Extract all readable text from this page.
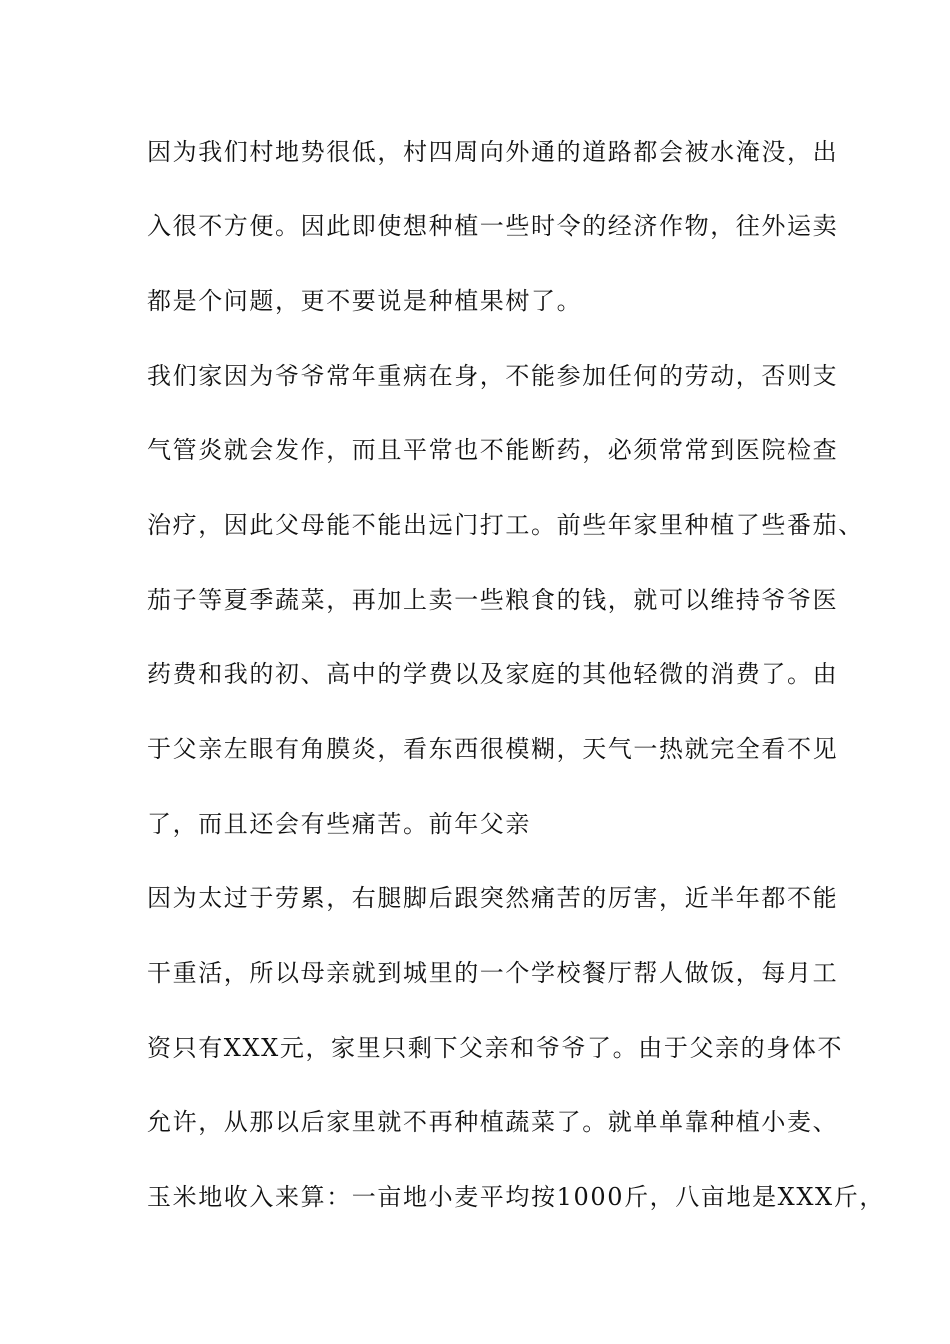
因为我们村地势很低，村四周向外通的道路都会被水淹没，出
入很不方便。因此即使想种植一些时令的经济作物，往外运卖
都是个问题，更不要说是种植果树了。
我们家因为爷爷常年重病在身，不能参加任何的劳动，否则支
气管炎就会发作，而且平常也不能断药，必须常常到医院检查
治疗，因此父母能不能出远门打工。前些年家里种植了些番茄、
茄子等夏季蔬菜，再加上卖一些粮食的钱，就可以维持爷爷医
药费和我的初、高中的学费以及家庭的其他轻微的消费了。由
于父亲左眼有角膜炎，看东西很模糊，天气一热就完全看不见
了，而且还会有些痛苦。前年父亲
因为太过于劳累，右腿脚后跟突然痛苦的厉害，近半年都不能
干重活，所以母亲就到城里的一个学校餐厅帮人做饭，每月工
资只有XXX元，家里只剩下父亲和爷爷了。由于父亲的身体不
允许，从那以后家里就不再种植蔬菜了。就单单靠种植小麦、
玉米地收入来算：一亩地小麦平均按1000斤，八亩地是XXX斤，
